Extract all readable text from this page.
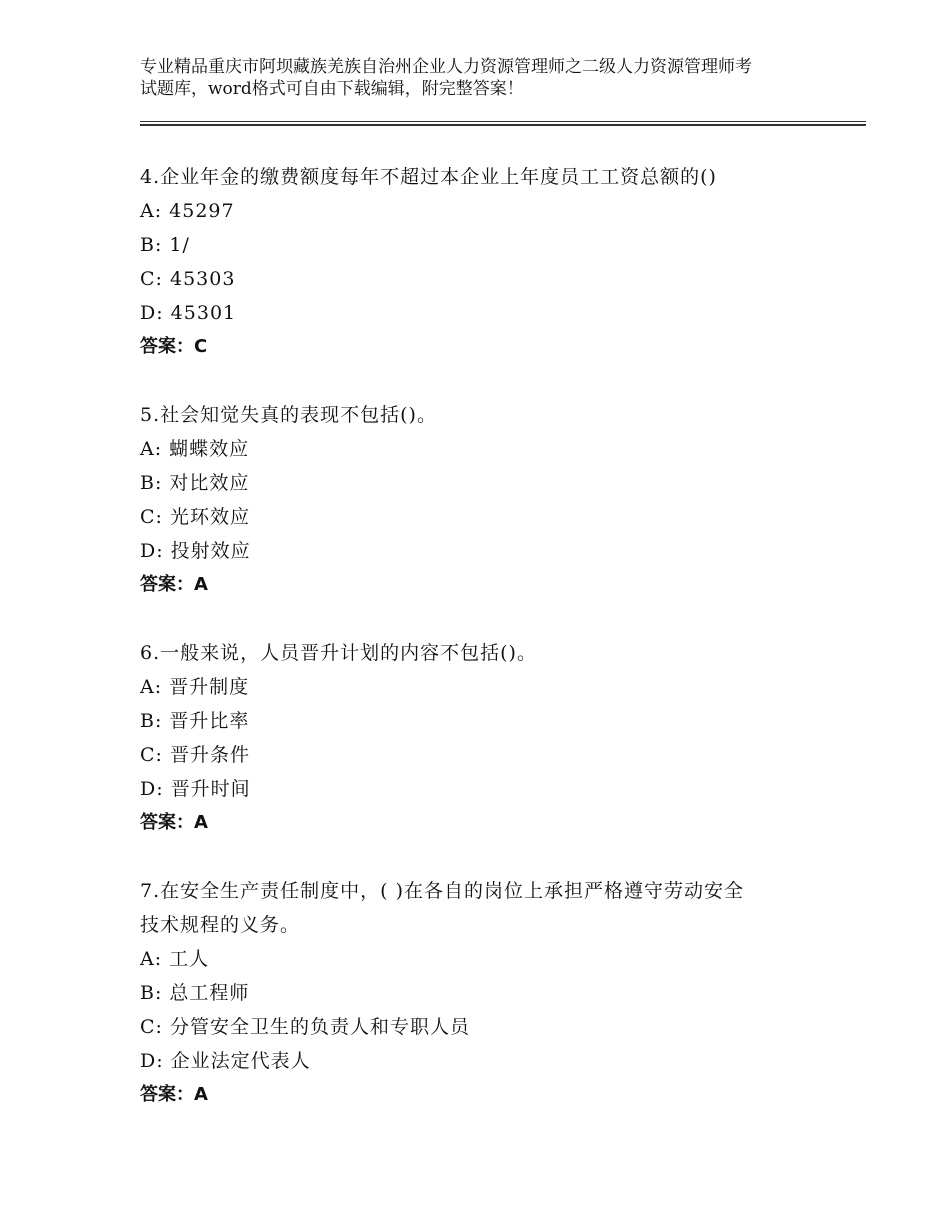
专业精品重庆市阿坝藏族羌族自治州企业人力资源管理师之二级人力资源管理师考
试题库，word格式可自由下载编辑，附完整答案！
4.企业年金的缴费额度每年不超过本企业上年度员工工资总额的()
A: 45297
B: 1/
C: 45303
D: 45301
答案：C
5.社会知觉失真的表现不包括()。
A: 蝴蝶效应
B: 对比效应
C: 光环效应
D: 投射效应
答案：A
6.一般来说，人员晋升计划的内容不包括()。
A: 晋升制度
B: 晋升比率
C: 晋升条件
D: 晋升时间
答案：A
7.在安全生产责任制度中，( )在各自的岗位上承担严格遵守劳动安全
技术规程的义务。
A: 工人
B: 总工程师
C: 分管安全卫生的负责人和专职人员
D: 企业法定代表人
答案：A
